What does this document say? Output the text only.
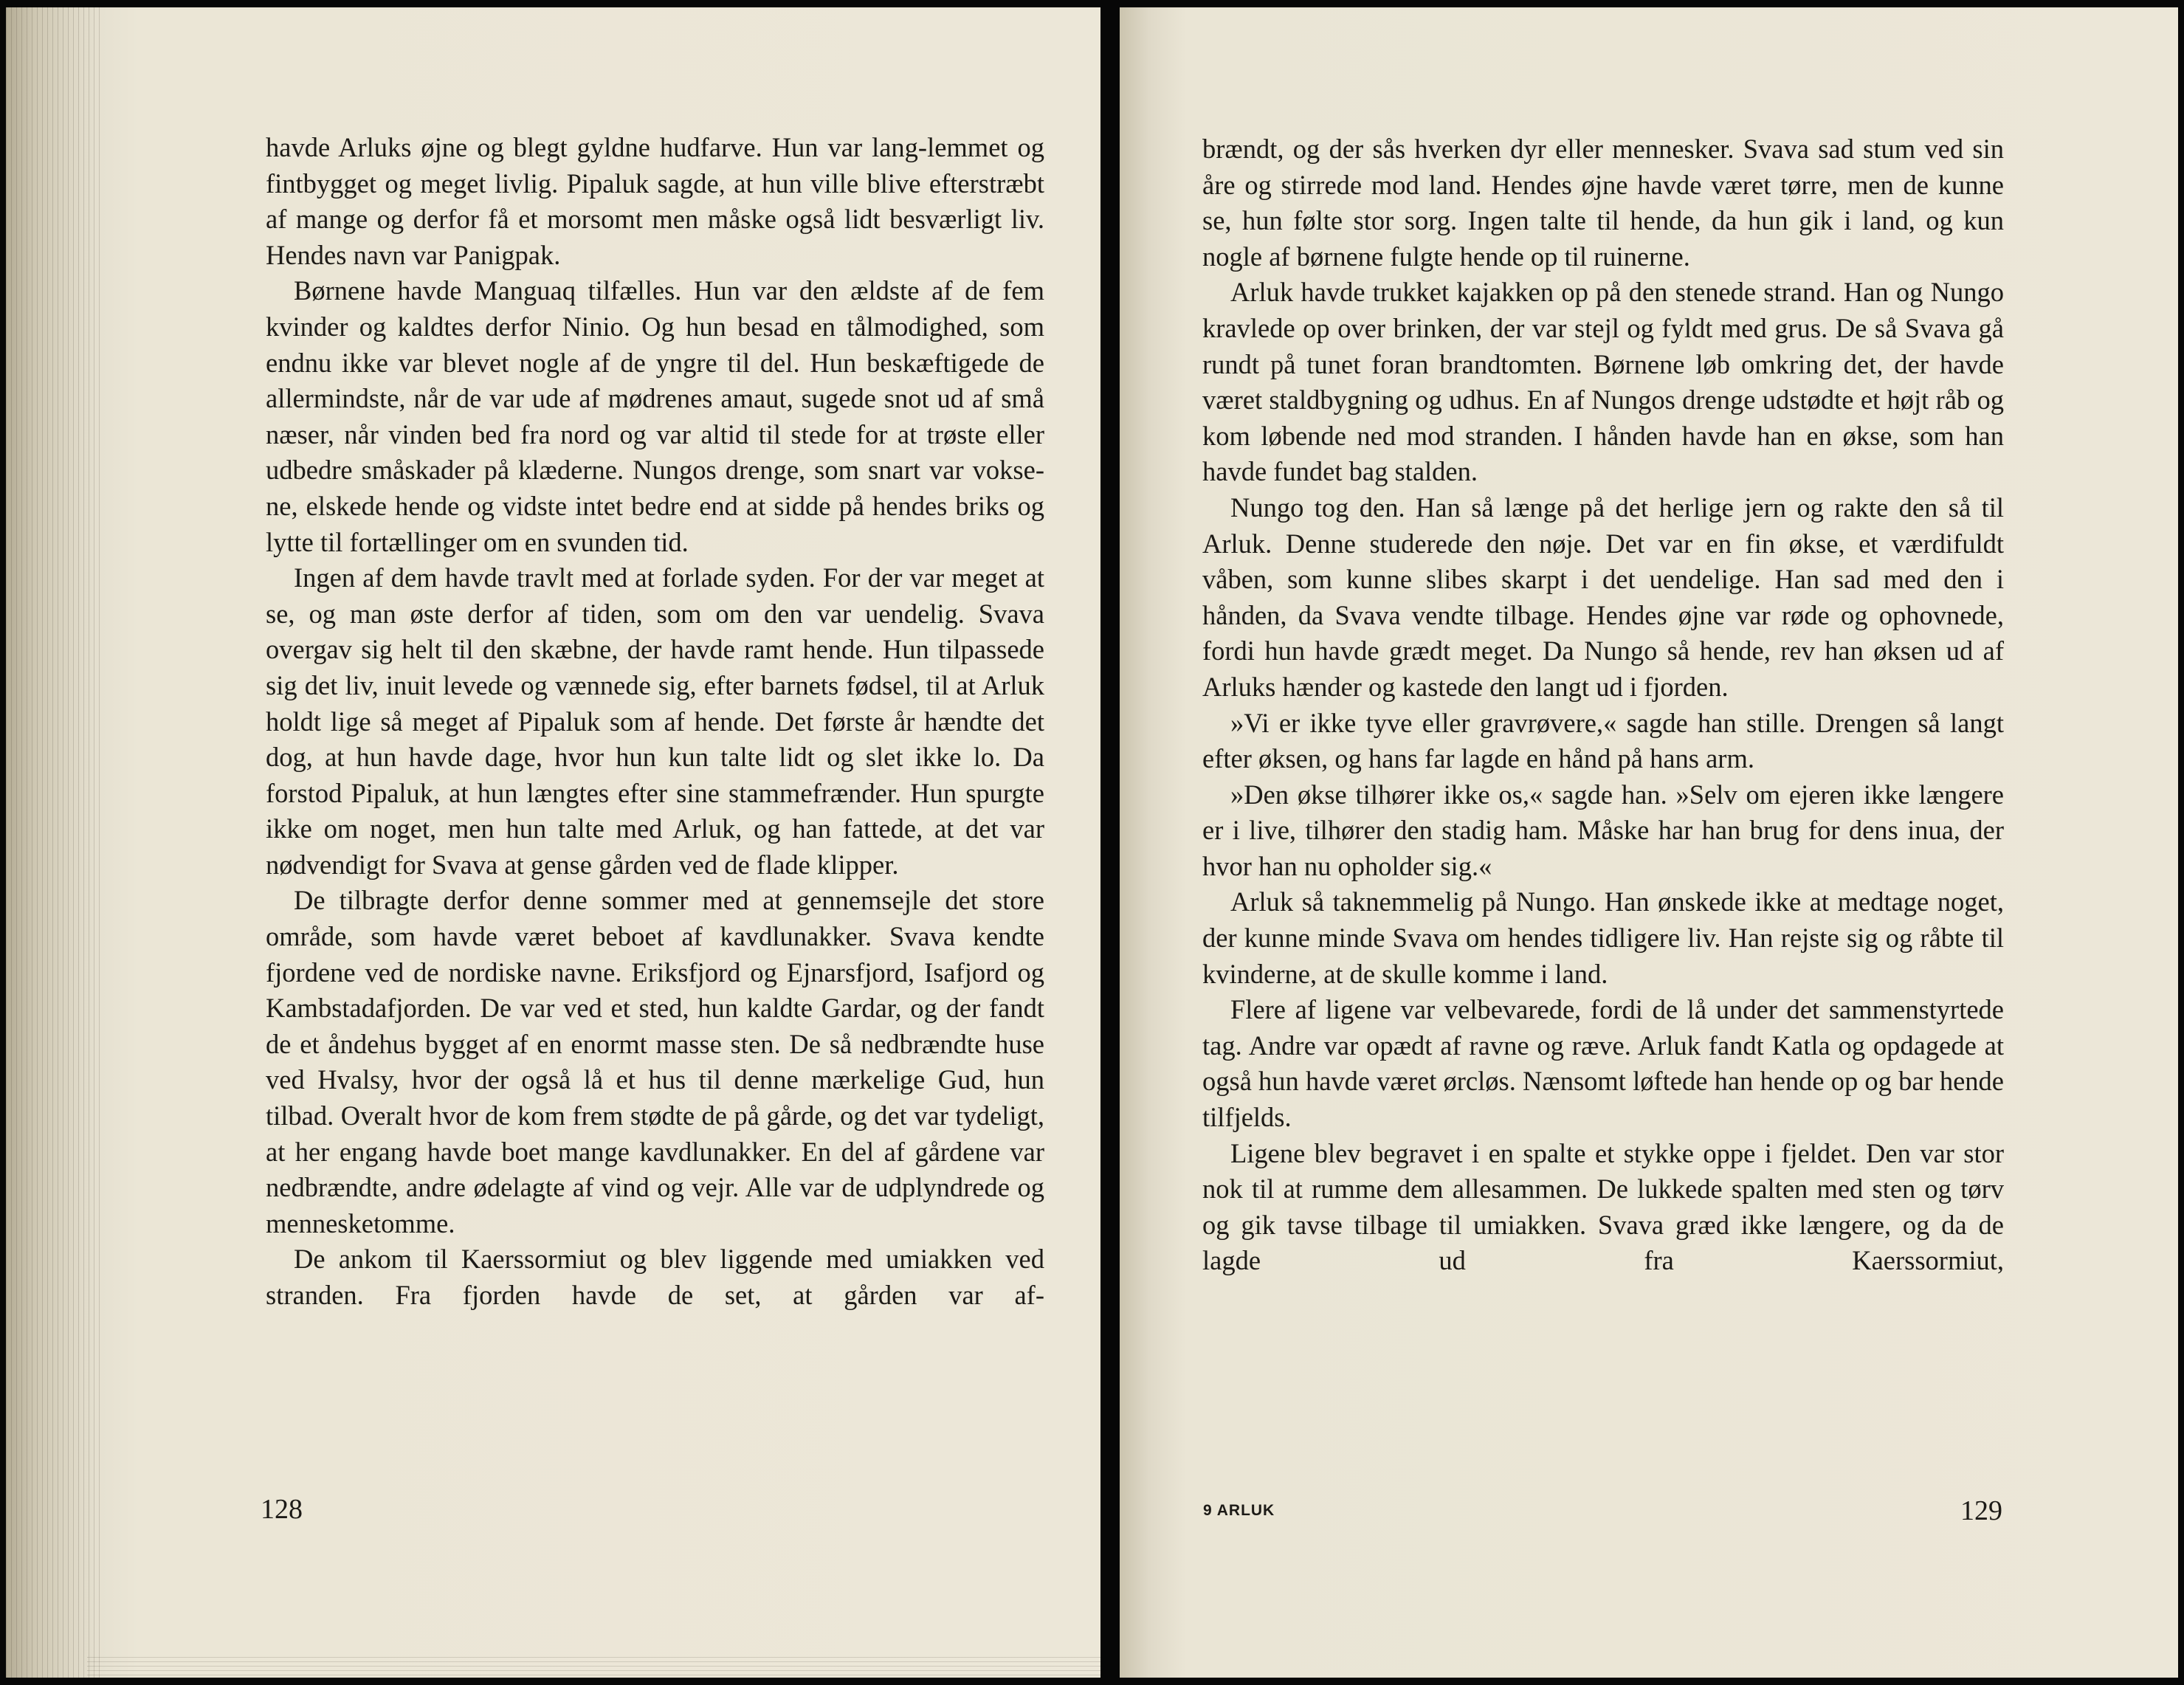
havde Arluks øjne og blegt gyldne hudfarve. Hun var lang-lemmet og fintbygget og meget livlig. Pipaluk sagde, at hun ville blive efterstræbt af mange og derfor få et morsomt men måske også lidt besværligt liv. Hendes navn var Panigpak.

Børnene havde Manguaq tilfælles. Hun var den ældste af de fem kvinder og kaldtes derfor Ninio. Og hun besad en tålmodighed, som endnu ikke var blevet nogle af de yngre til del. Hun beskæftigede de allermindste, når de var ude af mødrenes amaut, sugede snot ud af små næser, når vinden bed fra nord og var altid til stede for at trøste eller udbedre småskader på klæderne. Nungos drenge, som snart var vokse-ne, elskede hende og vidste intet bedre end at sidde på hendes briks og lytte til fortællinger om en svunden tid.

Ingen af dem havde travlt med at forlade syden. For der var meget at se, og man øste derfor af tiden, som om den var uendelig. Svava overgav sig helt til den skæbne, der havde ramt hende. Hun tilpassede sig det liv, inuit levede og vænnede sig, efter barnets fødsel, til at Arluk holdt lige så meget af Pipaluk som af hende. Det første år hændte det dog, at hun havde dage, hvor hun kun talte lidt og slet ikke lo. Da forstod Pipaluk, at hun længtes efter sine stammefrænder. Hun spurgte ikke om noget, men hun talte med Arluk, og han fattede, at det var nødvendigt for Svava at gense gården ved de flade klipper.

De tilbragte derfor denne sommer med at gennemsejle det store område, som havde været beboet af kavdlunakker. Svava kendte fjordene ved de nordiske navne. Eriksfjord og Ejnarsfjord, Isafjord og Kambstadafjorden. De var ved et sted, hun kaldte Gardar, og der fandt de et åndehus bygget af en enormt masse sten. De så nedbrændte huse ved Hvalsy, hvor der også lå et hus til denne mærkelige Gud, hun tilbad. Overalt hvor de kom frem stødte de på gårde, og det var tydeligt, at her engang havde boet mange kavdlunakker. En del af gårdene var nedbrændte, andre ødelagte af vind og vejr. Alle var de udplyndrede og mennesketomme.

De ankom til Kaerssormiut og blev liggende med umiakken ved stranden. Fra fjorden havde de set, at gården var af-

128

brændt, og der sås hverken dyr eller mennesker. Svava sad stum ved sin åre og stirrede mod land. Hendes øjne havde været tørre, men de kunne se, hun følte stor sorg. Ingen talte til hende, da hun gik i land, og kun nogle af børnene fulgte hende op til ruinerne.

Arluk havde trukket kajakken op på den stenede strand. Han og Nungo kravlede op over brinken, der var stejl og fyldt med grus. De så Svava gå rundt på tunet foran brandtomten. Børnene løb omkring det, der havde været staldbygning og udhus. En af Nungos drenge udstødte et højt råb og kom løbende ned mod stranden. I hånden havde han en økse, som han havde fundet bag stalden.

Nungo tog den. Han så længe på det herlige jern og rakte den så til Arluk. Denne studerede den nøje. Det var en fin økse, et værdifuldt våben, som kunne slibes skarpt i det uendelige. Han sad med den i hånden, da Svava vendte tilbage. Hendes øjne var røde og ophovnede, fordi hun havde grædt meget. Da Nungo så hende, rev han øksen ud af Arluks hænder og kastede den langt ud i fjorden.

»Vi er ikke tyve eller gravrøvere,« sagde han stille. Drengen så langt efter øksen, og hans far lagde en hånd på hans arm.

»Den økse tilhører ikke os,« sagde han. »Selv om ejeren ikke længere er i live, tilhører den stadig ham. Måske har han brug for dens inua, der hvor han nu opholder sig.«

Arluk så taknemmelig på Nungo. Han ønskede ikke at medtage noget, der kunne minde Svava om hendes tidligere liv. Han rejste sig og råbte til kvinderne, at de skulle komme i land.

Flere af ligene var velbevarede, fordi de lå under det sammenstyrtede tag. Andre var opædt af ravne og ræve. Arluk fandt Katla og opdagede at også hun havde været ørcløs. Nænsomt løftede han hende op og bar hende tilfjelds.

Ligene blev begravet i en spalte et stykke oppe i fjeldet. Den var stor nok til at rumme dem allesammen. De lukkede spalten med sten og tørv og gik tavse tilbage til umiakken. Svava græd ikke længere, og da de lagde ud fra Kaerssormiut,

9 ARLUK	129
